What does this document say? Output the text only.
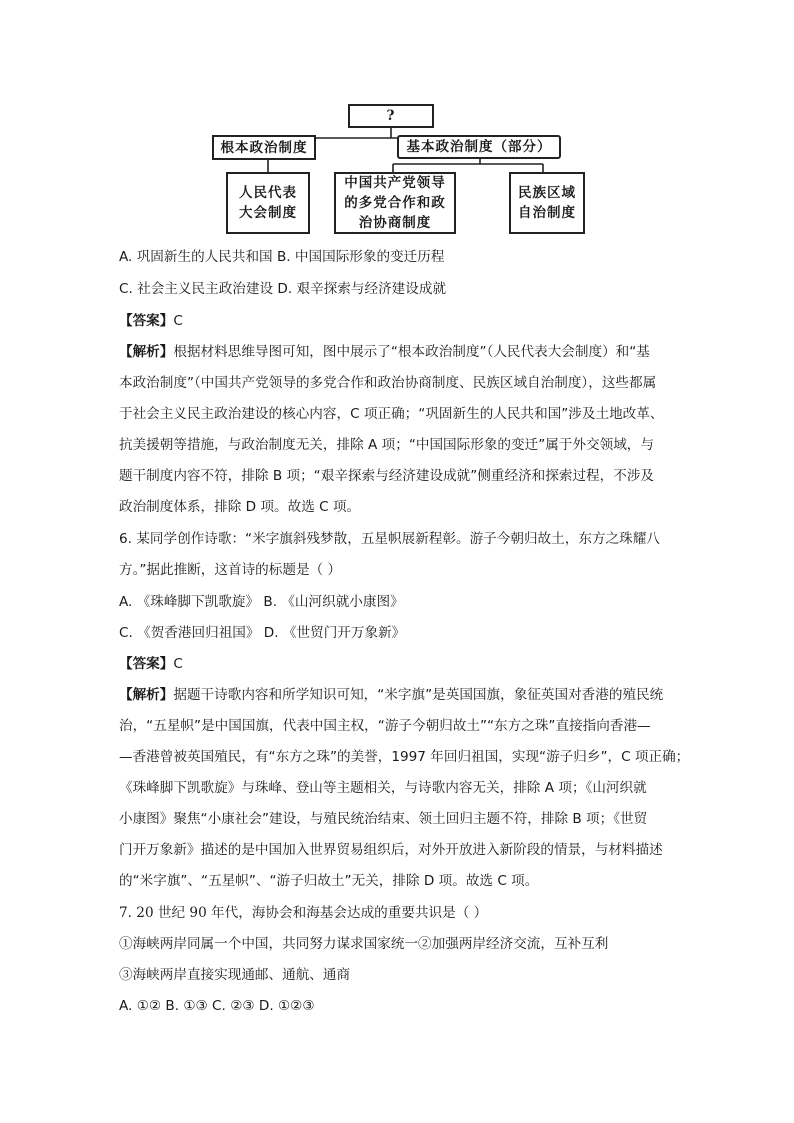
?
根本政治制度	基本政治制度（部分）
人民代表
大会制度
中国共产党领导
的多党合作和政
治协商制度
民族区域
自治制度
A. 巩固新生的人民共和国 B. 中国国际形象的变迁历程
C. 社会主义民主政治建设 D. 艰辛探索与经济建设成就
【答案】C

【解析】根据材料思维导图可知，图中展示了“根本政治制度”（人民代表大会制度）和“基

本政治制度”（中国共产党领导的多党合作和政治协商制度、民族区域自治制度），这些都属

于社会主义民主政治建设的核心内容，C 项正确；“巩固新生的人民共和国”涉及土地改革、

抗美援朝等措施，与政治制度无关，排除 A 项；“中国国际形象的变迁”属于外交领域，与

题干制度内容不符，排除 B 项；“艰辛探索与经济建设成就”侧重经济和探索过程，不涉及

政治制度体系，排除 D 项。故选 C 项。

6. 某同学创作诗歌：“米字旗斜残梦散，五星帜展新程彰。游子今朝归故土，东方之珠耀八

方。”据此推断，这首诗的标题是（ ）

A. 《珠峰脚下凯歌旋》 B. 《山河织就小康图》
C. 《贺香港回归祖国》 D. 《世贸门开万象新》
【答案】C

【解析】据题干诗歌内容和所学知识可知，“米字旗”是英国国旗，象征英国对香港的殖民统

治，“五星帜”是中国国旗，代表中国主权，“游子今朝归故土”“东方之珠”直接指向香港—

—香港曾被英国殖民，有“东方之珠”的美誉，1997 年回归祖国，实现“游子归乡”，C 项正确；

《珠峰脚下凯歌旋》与珠峰、登山等主题相关，与诗歌内容无关，排除 A 项；《山河织就

小康图》聚焦“小康社会”建设，与殖民统治结束、领土回归主题不符，排除 B 项；《世贸

门开万象新》描述的是中国加入世界贸易组织后，对外开放进入新阶段的情景，与材料描述

的“米字旗”、“五星帜”、“游子归故土”无关，排除 D 项。故选 C 项。

7. 20 世纪 90 年代，海协会和海基会达成的重要共识是（ ）
①海峡两岸同属一个中国，共同努力谋求国家统一②加强两岸经济交流，互补互利
③海峡两岸直接实现通邮、通航、通商
A. ①② B. ①③ C. ②③ D. ①②③
